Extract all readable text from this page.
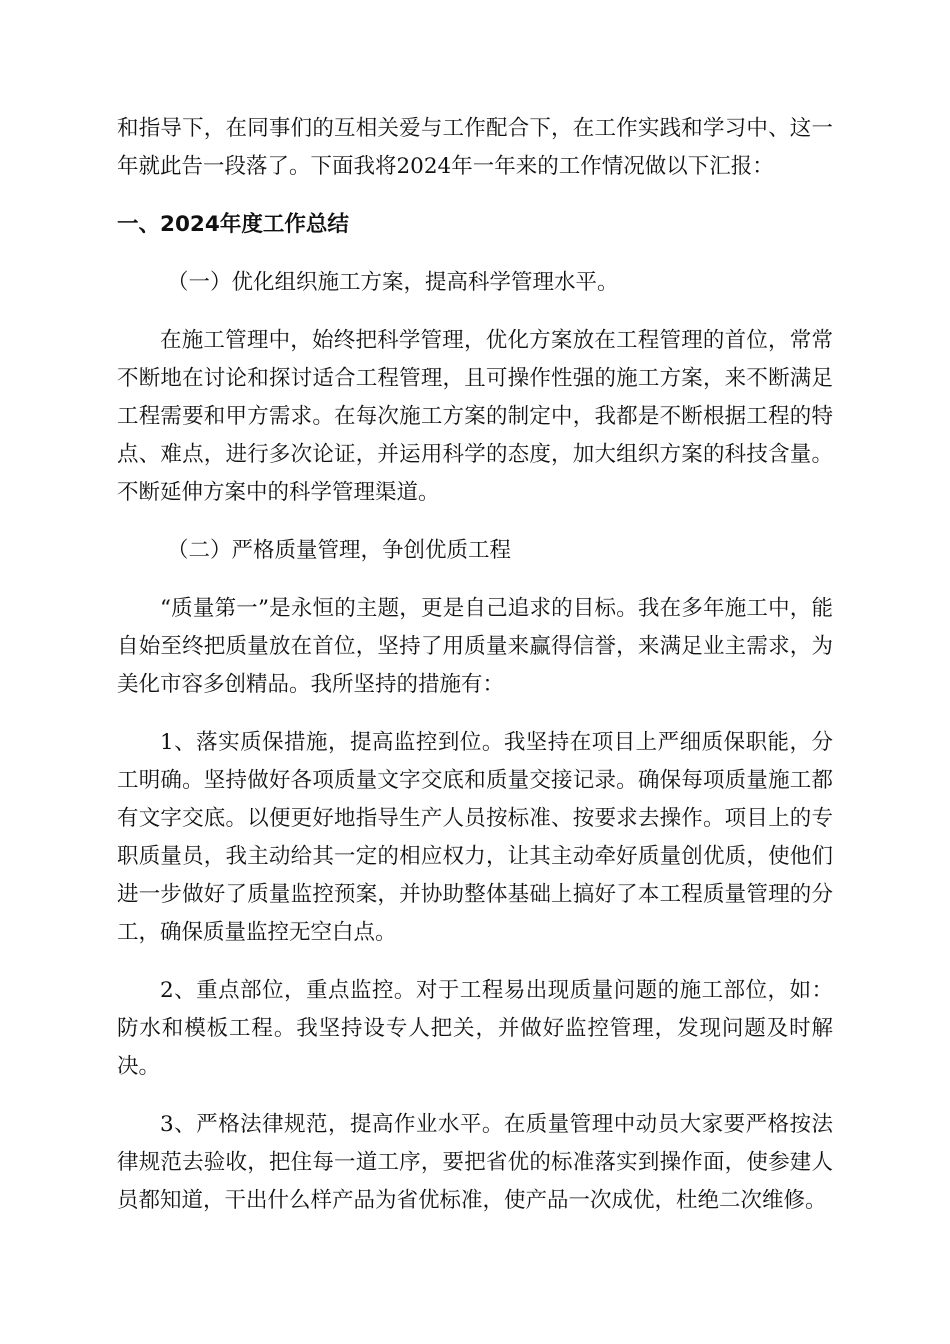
和指导下，在同事们的互相关爱与工作配合下，在工作实践和学习中、这一年就此告一段落了。下面我将2024年一年来的工作情况做以下汇报：

一、2024年度工作总结

（一）优化组织施工方案，提高科学管理水平。

在施工管理中，始终把科学管理，优化方案放在工程管理的首位，常常不断地在讨论和探讨适合工程管理，且可操作性强的施工方案，来不断满足工程需要和甲方需求。在每次施工方案的制定中，我都是不断根据工程的特点、难点，进行多次论证，并运用科学的态度，加大组织方案的科技含量。不断延伸方案中的科学管理渠道。

（二）严格质量管理，争创优质工程

“质量第一”是永恒的主题，更是自己追求的目标。我在多年施工中，能自始至终把质量放在首位，坚持了用质量来赢得信誉，来满足业主需求，为美化市容多创精品。我所坚持的措施有：

1、落实质保措施，提高监控到位。我坚持在项目上严细质保职能，分工明确。坚持做好各项质量文字交底和质量交接记录。确保每项质量施工都有文字交底。以便更好地指导生产人员按标准、按要求去操作。项目上的专职质量员，我主动给其一定的相应权力，让其主动牵好质量创优质，使他们进一步做好了质量监控预案，并协助整体基础上搞好了本工程质量管理的分工，确保质量监控无空白点。

2、重点部位，重点监控。对于工程易出现质量问题的施工部位，如：防水和模板工程。我坚持设专人把关，并做好监控管理，发现问题及时解决。

3、严格法律规范，提高作业水平。在质量管理中动员大家要严格按法律规范去验收，把住每一道工序，要把省优的标准落实到操作面，使参建人员都知道，干出什么样产品为省优标准，使产品一次成优，杜绝二次维修。
